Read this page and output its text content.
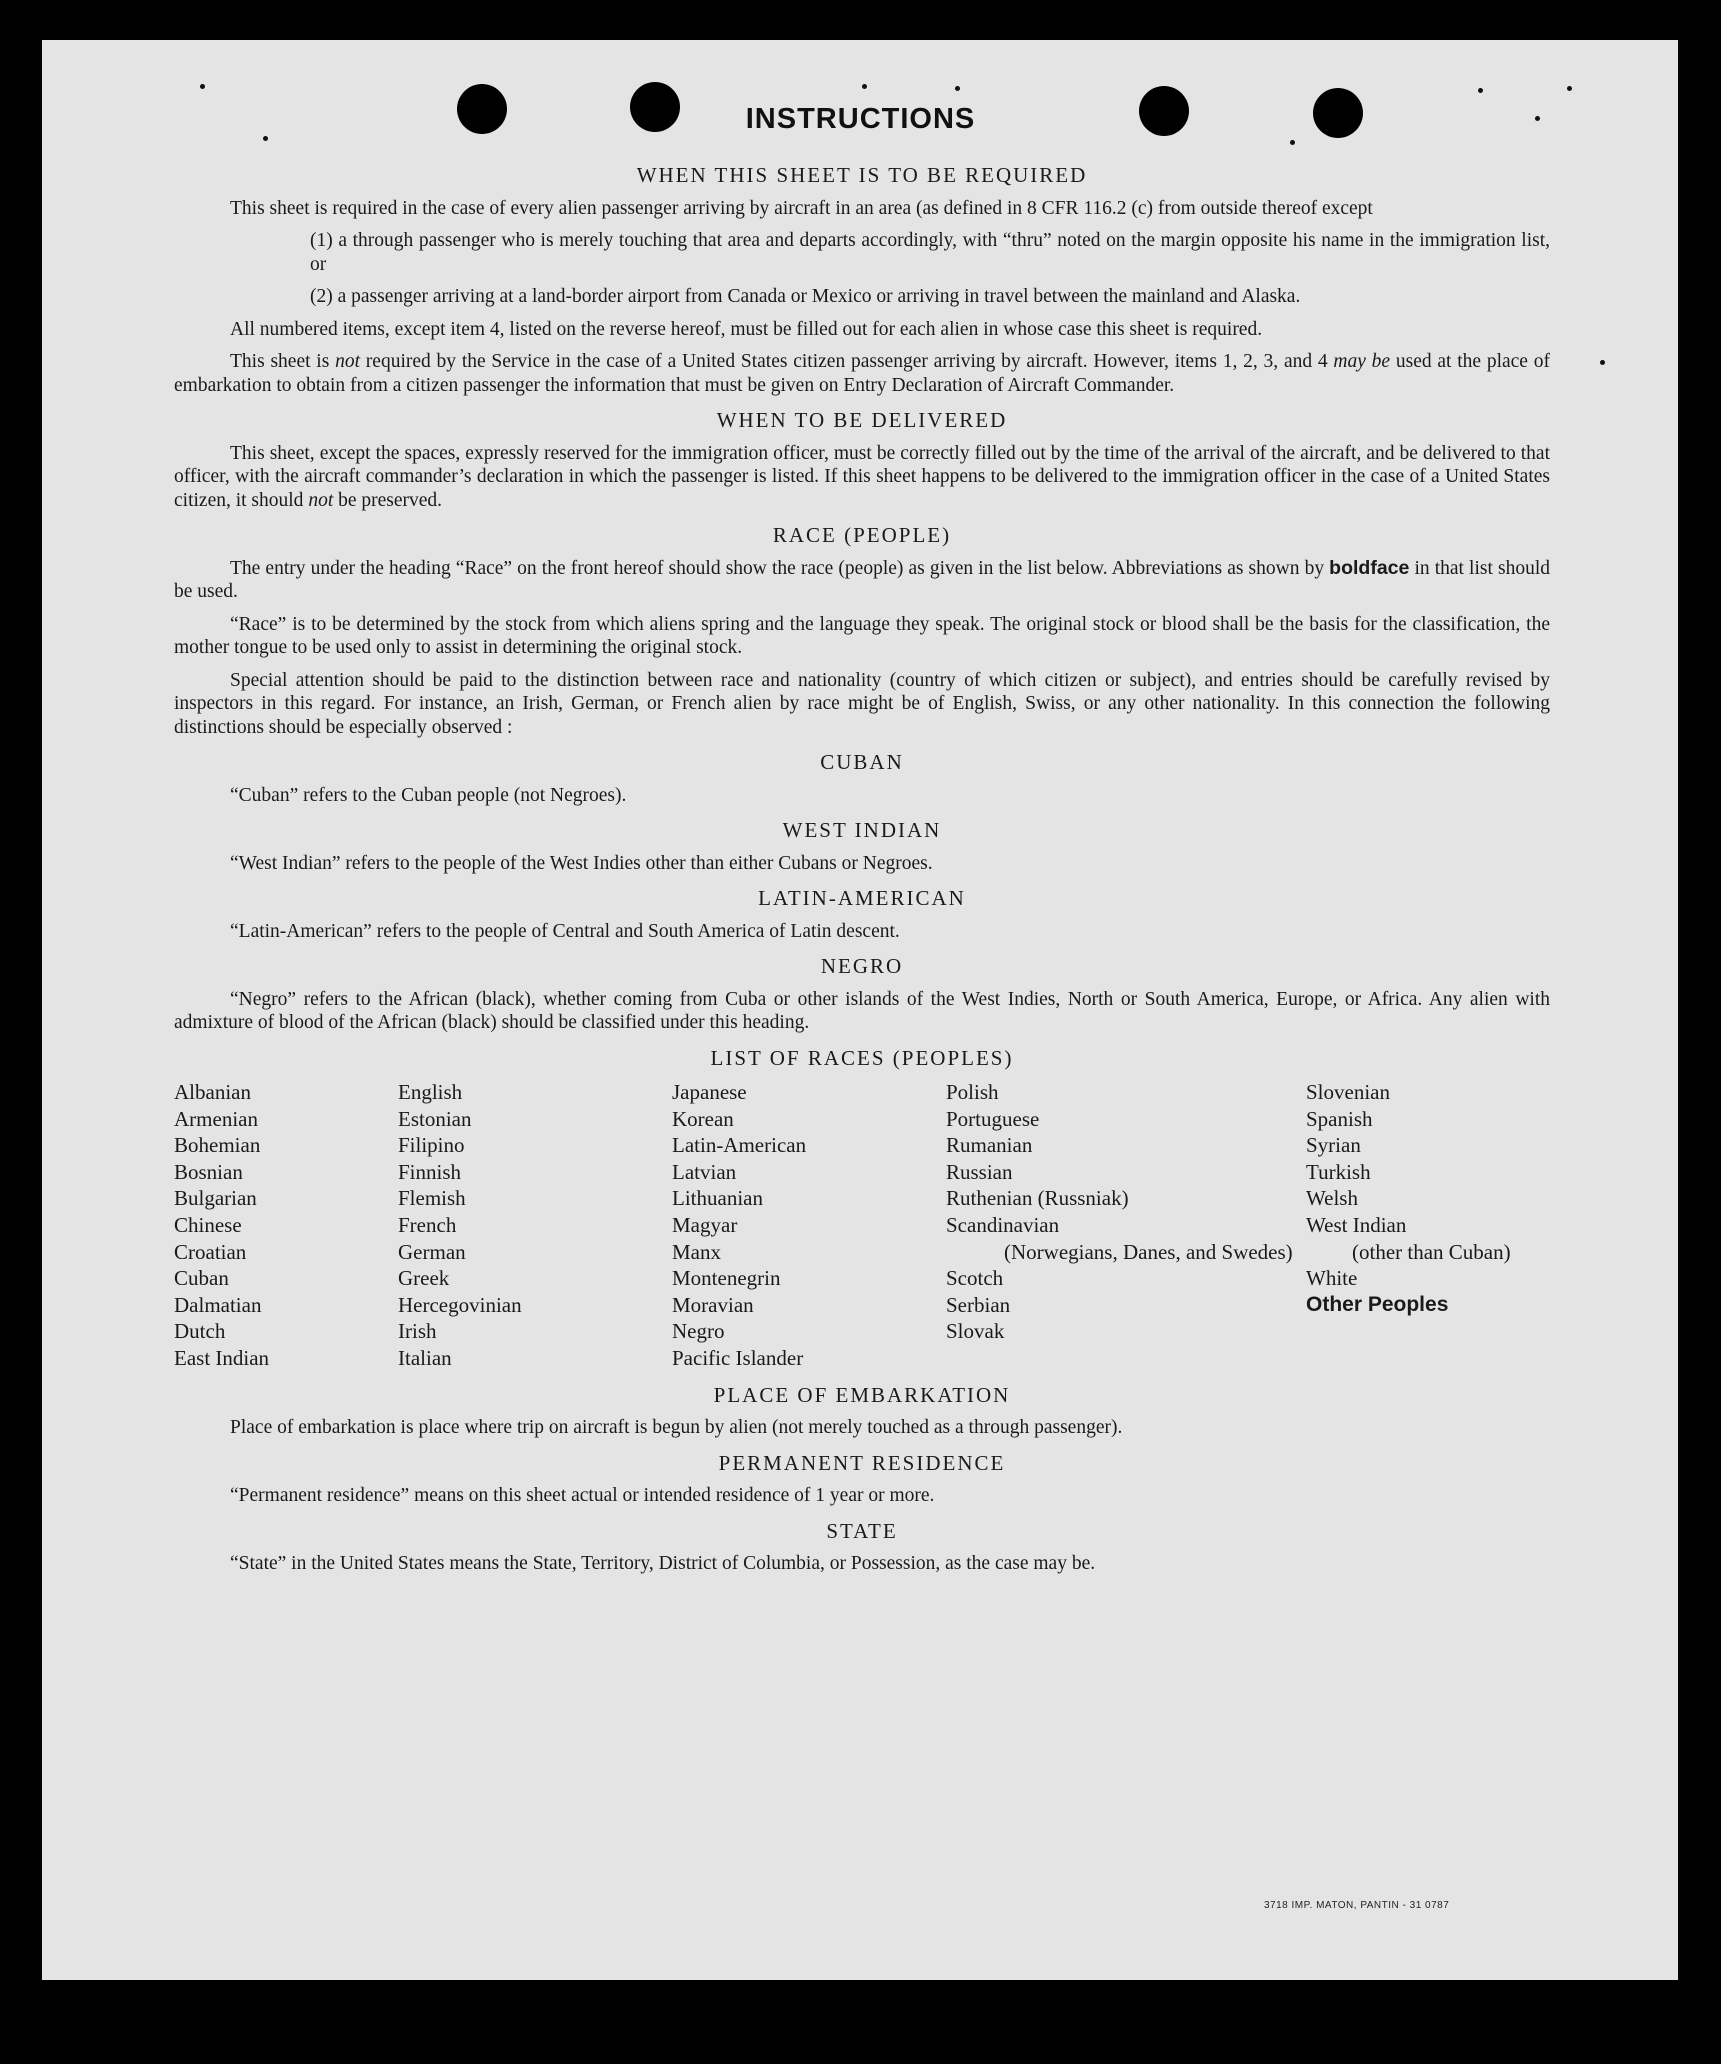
INSTRUCTIONS
WHEN THIS SHEET IS TO BE REQUIRED

This sheet is required in the case of every alien passenger arriving by aircraft in an area (as defined in 8 CFR 116.2 (c) from outside thereof except

(1) a through passenger who is merely touching that area and departs accordingly, with “thru” noted on the margin opposite his name in the immigration list, or

(2) a passenger arriving at a land-border airport from Canada or Mexico or arriving in travel between the mainland and Alaska.

All numbered items, except item 4, listed on the reverse hereof, must be filled out for each alien in whose case this sheet is required.

This sheet is not required by the Service in the case of a United States citizen passenger arriving by aircraft. However, items 1, 2, 3, and 4 may be used at the place of embarkation to obtain from a citizen passenger the information that must be given on Entry Declaration of Aircraft Commander.

WHEN TO BE DELIVERED

This sheet, except the spaces, expressly reserved for the immigration officer, must be correctly filled out by the time of the arrival of the aircraft, and be delivered to that officer, with the aircraft commander’s declaration in which the passenger is listed. If this sheet happens to be delivered to the immigration officer in the case of a United States citizen, it should not be preserved.

RACE (PEOPLE)

The entry under the heading “Race” on the front hereof should show the race (people) as given in the list below. Abbreviations as shown by boldface in that list should be used.

“Race” is to be determined by the stock from which aliens spring and the language they speak. The original stock or blood shall be the basis for the classification, the mother tongue to be used only to assist in determining the original stock.

Special attention should be paid to the distinction between race and nationality (country of which citizen or subject), and entries should be carefully revised by inspectors in this regard. For instance, an Irish, German, or French alien by race might be of English, Swiss, or any other nationality. In this connection the following distinctions should be especially observed :

CUBAN

“Cuban” refers to the Cuban people (not Negroes).

WEST INDIAN

“West Indian” refers to the people of the West Indies other than either Cubans or Negroes.

LATIN-AMERICAN

“Latin-American” refers to the people of Central and South America of Latin descent.

NEGRO

“Negro” refers to the African (black), whether coming from Cuba or other islands of the West Indies, North or South America, Europe, or Africa. Any alien with admixture of blood of the African (black) should be classified under this heading.

LIST OF RACES (PEOPLES)
Albanian
Armenian
Bohemian
Bosnian
Bulgarian
Chinese
Croatian
Cuban
Dalmatian
Dutch
East Indian
English
Estonian
Filipino
Finnish
Flemish
French
German
Greek
Hercegovinian
Irish
Italian
Japanese
Korean
Latin-American
Latvian
Lithuanian
Magyar
Manx
Montenegrin
Moravian
Negro
Pacific Islander
Polish
Portuguese
Rumanian
Russian
Ruthenian (Russniak)
Scandinavian
(Norwegians, Danes, and Swedes)
Scotch
Serbian
Slovak
Slovenian
Spanish
Syrian
Turkish
Welsh
West Indian
(other than Cuban)
White
Other Peoples
PLACE OF EMBARKATION

Place of embarkation is place where trip on aircraft is begun by alien (not merely touched as a through passenger).

PERMANENT RESIDENCE

“Permanent residence” means on this sheet actual or intended residence of 1 year or more.

STATE

“State” in the United States means the State, Territory, District of Columbia, or Possession, as the case may be.

3718 IMP. MATON, PANTIN - 31 0787
